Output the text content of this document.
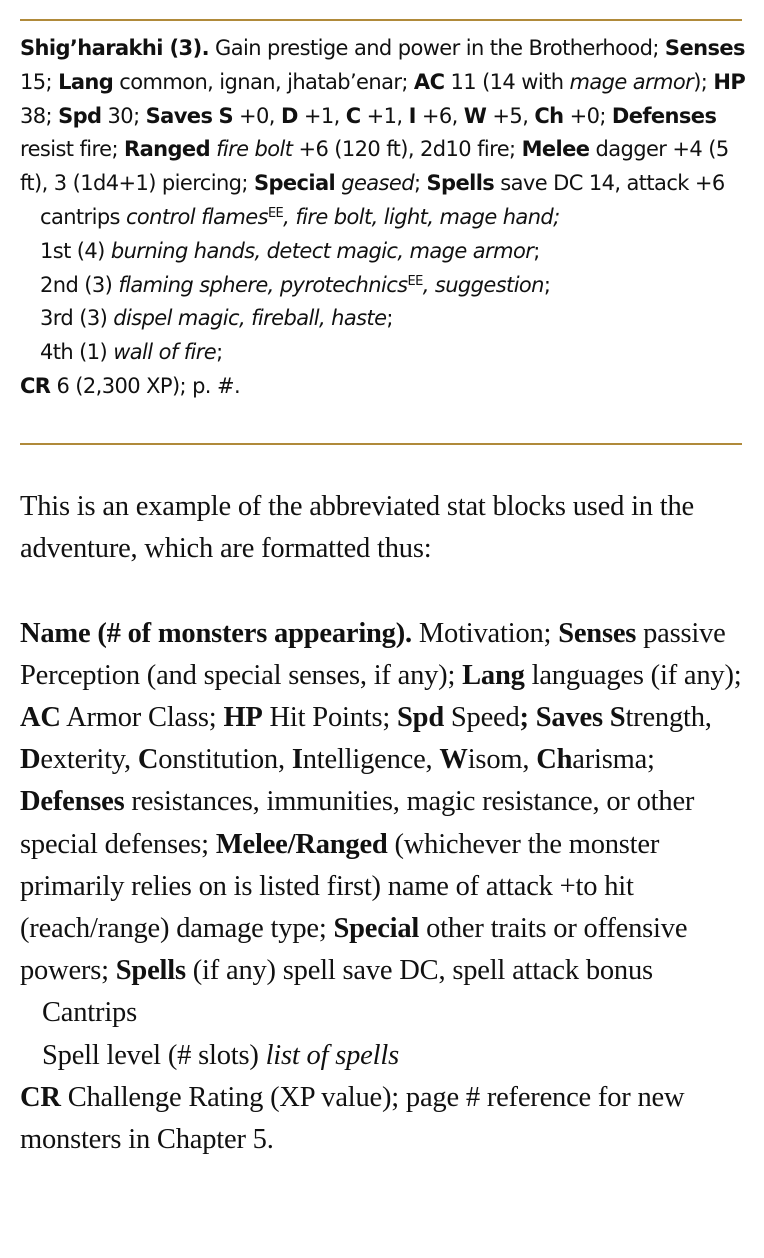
Shig’harakhi (3). Gain prestige and power in the Brotherhood; Senses 15; Lang common, ignan, jhatab’enar; AC 11 (14 with mage armor); HP 38; Spd 30; Saves S +0, D +1, C +1, I +6, W +5, Ch +0; Defenses resist fire; Ranged fire bolt +6 (120 ft), 2d10 fire; Melee dagger +4 (5 ft), 3 (1d4+1) piercing; Special geased; Spells save DC 14, attack +6
cantrips control flames$^{EE}$, fire bolt, light, mage hand;
1st (4) burning hands, detect magic, mage armor;
2nd (3) flaming sphere, pyrotechnics$^{EE}$, suggestion;
3rd (3) dispel magic, fireball, haste;
4th (1) wall of fire;
CR 6 (2,300 XP); p. #.

This is an example of the abbreviated stat blocks used in the adventure, which are formatted thus:

Name (# of monsters appearing). Motivation; Senses passive Perception (and special senses, if any); Lang languages (if any); AC Armor Class; HP Hit Points; Spd Speed; Saves Strength, Dexterity, Constitution, Intelligence, Wisom, Charisma; Defenses resistances, immunities, magic resistance, or other special defenses; Melee/Ranged (whichever the monster primarily relies on is listed first) name of attack +to hit (reach/range) damage type; Special other traits or offensive powers; Spells (if any) spell save DC, spell attack bonus

Cantrips

Spell level (# slots) list of spells

CR Challenge Rating (XP value); page # reference for new monsters in Chapter 5.
